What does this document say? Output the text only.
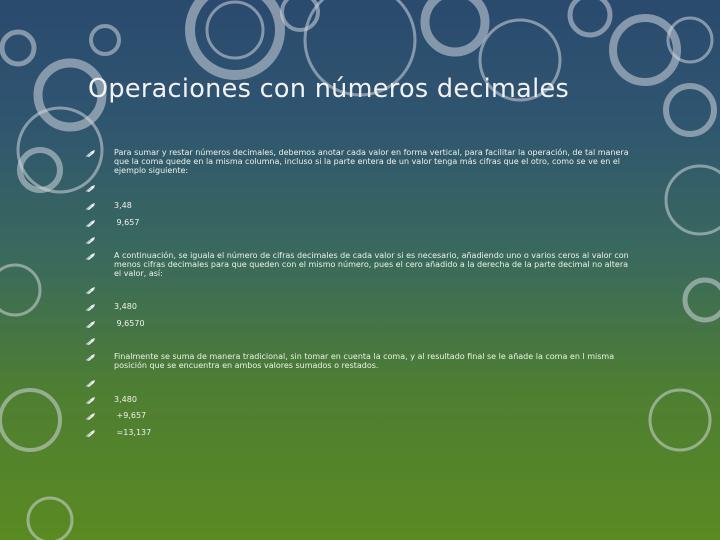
Operaciones con números decimales
Para sumar y restar números decimales, debemos anotar cada valor en forma vertical, para facilitar la operación, de tal manera que la coma quede en la misma columna, incluso si la parte entera de un valor tenga más cifras que el otro, como se ve en el ejemplo siguiente:
3,48
9,657
A continuación, se iguala el número de cifras decimales de cada valor si es necesario, añadiendo uno o varios ceros al valor con menos cifras decimales para que queden con el mismo número, pues el cero añadido a la derecha de la parte decimal no altera el valor, así:
3,480
9,6570
Finalmente se suma de manera tradicional, sin tomar en cuenta la coma, y al resultado final se le añade la coma en l misma posición que se encuentra en ambos valores sumados o restados.
3,480
+9,657
=13,137
